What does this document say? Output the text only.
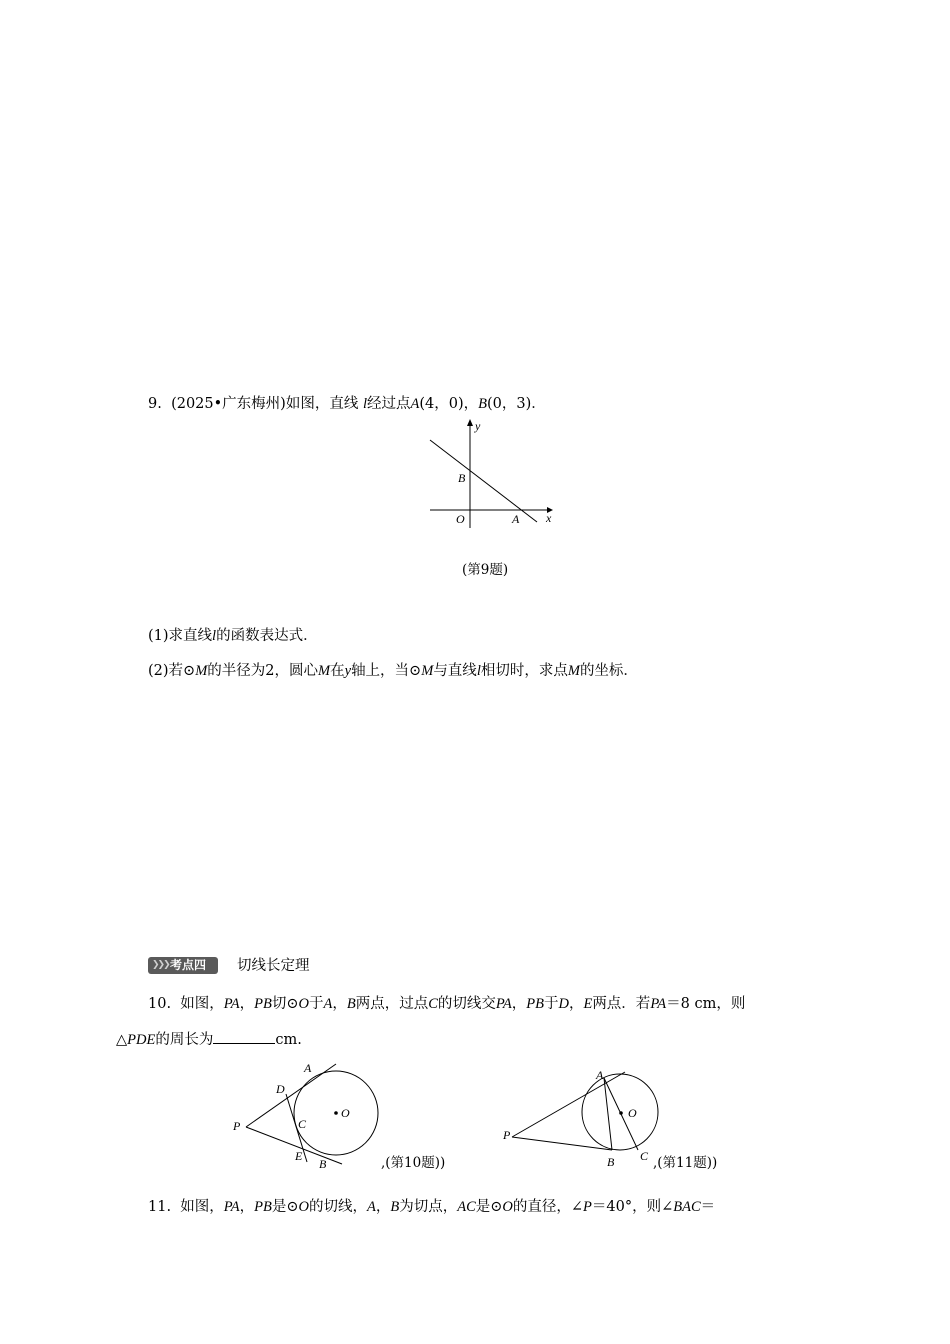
9. (2025•广东梅州)如图，直线 l经过点A(4，0)，B(0，3)．
y
x
B
O	A
(第9题)
(1)求直线l的函数表达式．
(2)若⊙M的半径为2，圆心M在y轴上，当⊙M与直线l相切时，求点M的坐标．
❯❯❯ 考点四 切线长定理
10. 如图，PA，PB切⊙O于A，B两点，过点C的切线交PA，PB于D，E两点．若PA＝8 cm，则
△PDE的周长为	cm.
A
D
O
P	C
E
B	,(第10题))
A
O
P
B C ,(第11题))
11. 如图，PA，PB是⊙O的切线，A，B为切点，AC是⊙O的直径，∠P＝40°，则∠BAC＝
